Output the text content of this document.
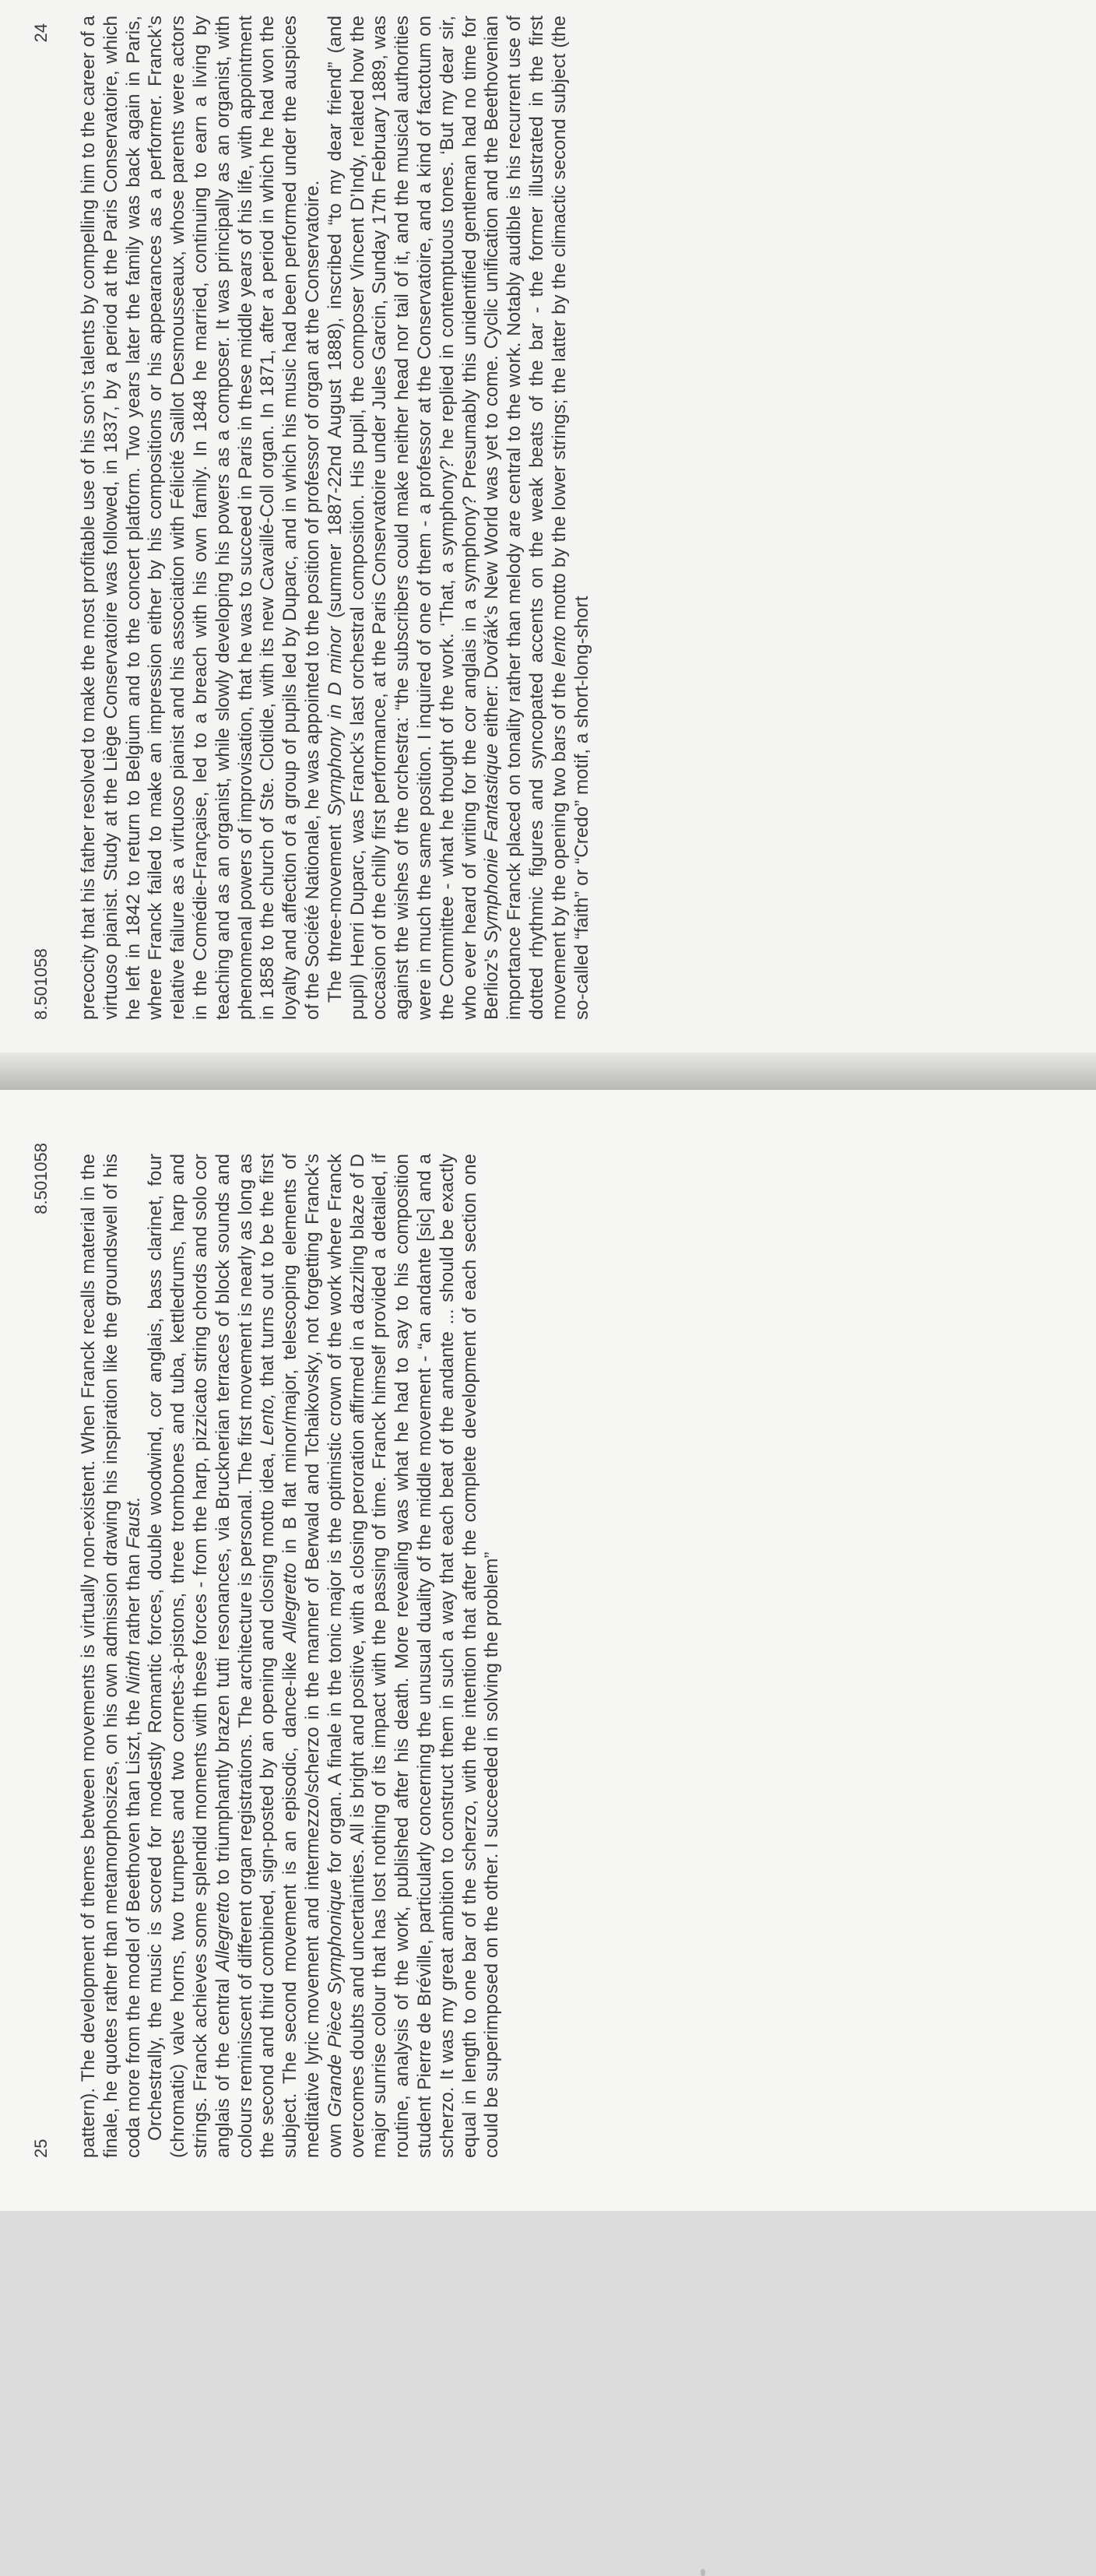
precocity that his father resolved to make the most profitable use of his son’s talents by compelling him to the career of a virtuoso pianist. Study at the Liège Conservatoire was followed, in 1837, by a period at the Paris Conservatoire, which he left in 1842 to return to Belgium and to the concert platform. Two years later the family was back again in Paris, where Franck failed to make an impression either by his compositions or his appearances as a performer. Franck’s relative failure as a virtuoso pianist and his association with Félicité Saillot Desmousseaux, whose parents were actors in the Comédie-Française, led to a breach with his own family. In 1848 he married, continuing to earn a living by teaching and as an organist, while slowly developing his powers as a composer. It was principally as an organist, with phenomenal powers of improvisation, that he was to succeed in Paris in these middle years of his life, with appointment in 1858 to the church of Ste. Clotilde, with its new Cavaillé-Coll organ. In 1871, after a period in which he had won the loyalty and affection of a group of pupils led by Duparc, and in which his music had been performed under the auspices of the Société Nationale, he was appointed to the position of professor of organ at the Conservatoire. The three-movement Symphony in D minor (summer 1887-22nd August 1888), inscribed “to my dear friend” (and pupil) Henri Duparc, was Franck’s last orchestral composition. His pupil, the composer Vincent D’Indy, related how the occasion of the chilly first performance, at the Paris Conservatoire under Jules Garcin, Sunday 17th February 1889, was against the wishes of the orchestra: “the subscribers could make neither head nor tail of it, and the musical authorities were in much the same position. I inquired of one of them - a professor at the Conservatoire, and a kind of factotum on the Committee - what he thought of the work. ‘That, a symphony?’ he replied in contemptuous tones. ‘But my dear sir, who ever heard of writing for the cor anglais in a symphony? Presumably this unidentified gentleman had no time for Berlioz’s Symphonie Fantastique either: Dvořák’s New World was yet to come. Cyclic unification and the Beethovenian importance Franck placed on tonality rather than melody are central to the work. Notably audible is his recurrent use of dotted rhythmic figures and syncopated accents on the weak beats of the bar - the former illustrated in the first movement by the opening two bars of the lento motto by the lower strings; the latter by the climactic second subject (the so-called “faith” or “Credo” motif, a short-long-short

8.501058
24

pattern). The development of themes between movements is virtually non-existent. When Franck recalls material in the finale, he quotes rather than metamorphosizes, on his own admission drawing his inspiration like the groundswell of his coda more from the model of Beethoven than Liszt, the Ninth rather than Faust. Orchestrally, the music is scored for modestly Romantic forces, double woodwind, cor anglais, bass clarinet, four (chromatic) valve horns, two trumpets and two cornets-à-pistons, three trombones and tuba, kettledrums, harp and strings. Franck achieves some splendid moments with these forces - from the harp, pizzicato string chords and solo cor anglais of the central Allegretto to triumphantly brazen tutti resonances, via Brucknerian terraces of block sounds and colours reminiscent of different organ registrations. The architecture is personal. The first movement is nearly as long as the second and third combined, sign-posted by an opening and closing motto idea, Lento, that turns out to be the first subject. The second movement is an episodic, dance-like Allegretto in B flat minor/major, telescoping elements of meditative lyric movement and intermezzo/scherzo in the manner of Berwald and Tchaikovsky, not forgetting Franck’s own Grande Pièce Symphonique for organ. A finale in the tonic major is the optimistic crown of the work where Franck overcomes doubts and uncertainties. All is bright and positive, with a closing peroration affirmed in a dazzling blaze of D major sunrise colour that has lost nothing of its impact with the passing of time. Franck himself provided a detailed, if routine, analysis of the work, published after his death. More revealing was what he had to say to his composition student Pierre de Bréville, particularly concerning the unusual duality of the middle movement - “an andante [sic] and a scherzo. It was my great ambition to construct them in such a way that each beat of the andante ... should be exactly equal in length to one bar of the scherzo, with the intention that after the complete development of each section one could be superimposed on the other. I succeeded in solving the problem”

25
8.501058
